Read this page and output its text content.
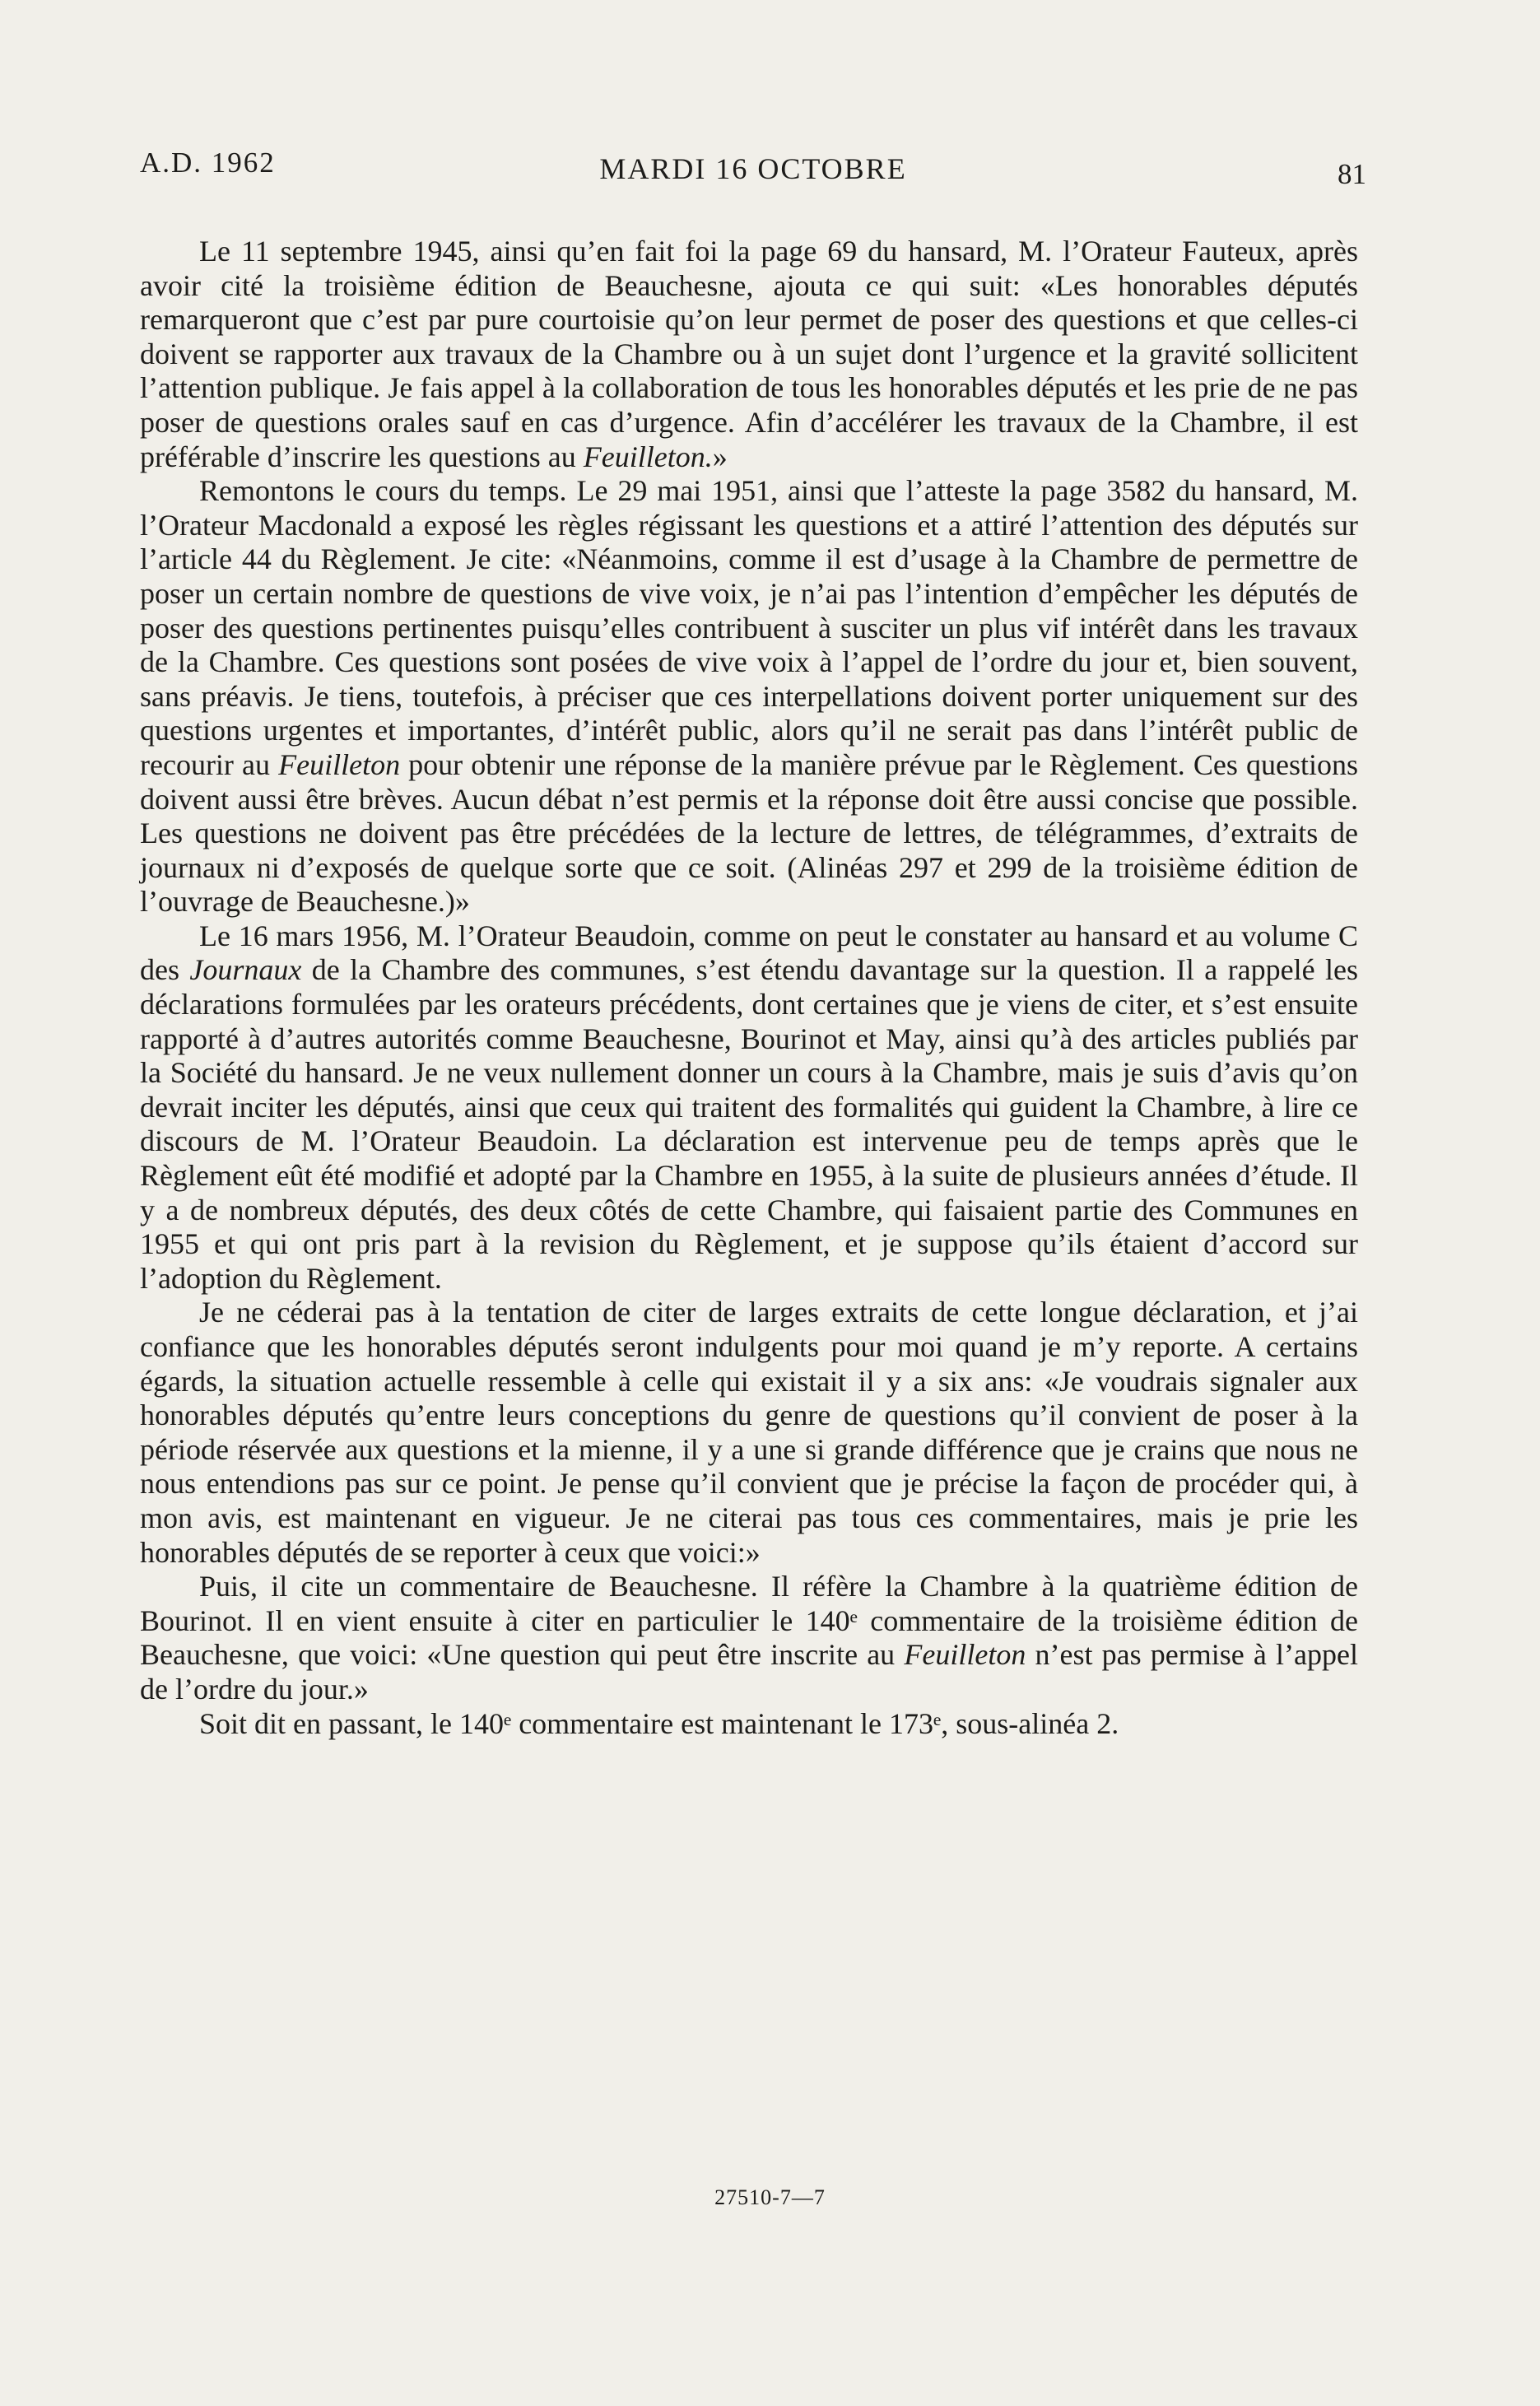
A.D. 1962	MARDI 16 OCTOBRE	81

Le 11 septembre 1945, ainsi qu’en fait foi la page 69 du hansard, M. l’Orateur Fauteux, après avoir cité la troisième édition de Beauchesne, ajouta ce qui suit: «Les honorables députés remarqueront que c’est par pure courtoisie qu’on leur permet de poser des questions et que celles-ci doivent se rapporter aux travaux de la Chambre ou à un sujet dont l’urgence et la gravité sollicitent l’attention publique. Je fais appel à la collaboration de tous les honorables députés et les prie de ne pas poser de questions orales sauf en cas d’urgence. Afin d’accélérer les travaux de la Chambre, il est préférable d’inscrire les questions au Feuilleton.»

Remontons le cours du temps. Le 29 mai 1951, ainsi que l’atteste la page 3582 du hansard, M. l’Orateur Macdonald a exposé les règles régissant les questions et a attiré l’attention des députés sur l’article 44 du Règlement. Je cite: «Néanmoins, comme il est d’usage à la Chambre de permettre de poser un certain nombre de questions de vive voix, je n’ai pas l’intention d’empêcher les députés de poser des questions pertinentes puisqu’elles contribuent à susciter un plus vif intérêt dans les travaux de la Chambre. Ces questions sont posées de vive voix à l’appel de l’ordre du jour et, bien souvent, sans préavis. Je tiens, toutefois, à préciser que ces interpellations doivent porter uniquement sur des questions urgentes et importantes, d’intérêt public, alors qu’il ne serait pas dans l’intérêt public de recourir au Feuilleton pour obtenir une réponse de la manière prévue par le Règlement. Ces questions doivent aussi être brèves. Aucun débat n’est permis et la réponse doit être aussi concise que possible. Les questions ne doivent pas être précédées de la lecture de lettres, de télégrammes, d’extraits de journaux ni d’exposés de quelque sorte que ce soit. (Alinéas 297 et 299 de la troisième édition de l’ouvrage de Beauchesne.)»

Le 16 mars 1956, M. l’Orateur Beaudoin, comme on peut le constater au hansard et au volume C des Journaux de la Chambre des communes, s’est étendu davantage sur la question. Il a rappelé les déclarations formulées par les orateurs précédents, dont certaines que je viens de citer, et s’est ensuite rapporté à d’autres autorités comme Beauchesne, Bourinot et May, ainsi qu’à des articles publiés par la Société du hansard. Je ne veux nullement donner un cours à la Chambre, mais je suis d’avis qu’on devrait inciter les députés, ainsi que ceux qui traitent des formalités qui guident la Chambre, à lire ce discours de M. l’Orateur Beaudoin. La déclaration est intervenue peu de temps après que le Règlement eût été modifié et adopté par la Chambre en 1955, à la suite de plusieurs années d’étude. Il y a de nombreux députés, des deux côtés de cette Chambre, qui faisaient partie des Communes en 1955 et qui ont pris part à la revision du Règlement, et je suppose qu’ils étaient d’accord sur l’adoption du Règlement.

Je ne céderai pas à la tentation de citer de larges extraits de cette longue déclaration, et j’ai confiance que les honorables députés seront indulgents pour moi quand je m’y reporte. A certains égards, la situation actuelle ressemble à celle qui existait il y a six ans: «Je voudrais signaler aux honorables députés qu’entre leurs conceptions du genre de questions qu’il convient de poser à la période réservée aux questions et la mienne, il y a une si grande différence que je crains que nous ne nous entendions pas sur ce point. Je pense qu’il convient que je précise la façon de procéder qui, à mon avis, est maintenant en vigueur. Je ne citerai pas tous ces commentaires, mais je prie les honorables députés de se reporter à ceux que voici:»

Puis, il cite un commentaire de Beauchesne. Il réfère la Chambre à la quatrième édition de Bourinot. Il en vient ensuite à citer en particulier le 140ᵉ commentaire de la troisième édition de Beauchesne, que voici: «Une question qui peut être inscrite au Feuilleton n’est pas permise à l’appel de l’ordre du jour.»

Soit dit en passant, le 140ᵉ commentaire est maintenant le 173ᵉ, sous-alinéa 2.

27510-7—7
